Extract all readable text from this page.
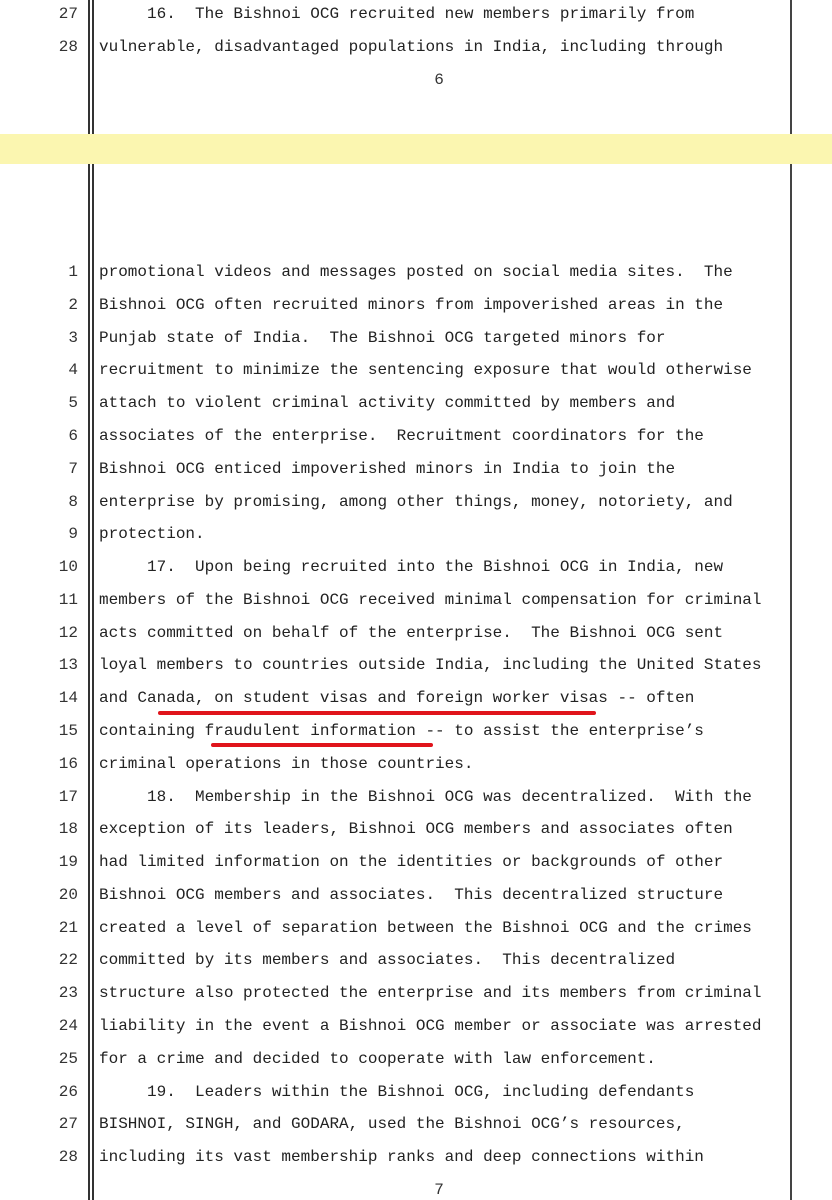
27 16.  The Bishnoi OCG recruited new members primarily from
28 vulnerable, disadvantaged populations in India, including through
6
1 promotional videos and messages posted on social media sites.  The
2 Bishnoi OCG often recruited minors from impoverished areas in the
3 Punjab state of India.  The Bishnoi OCG targeted minors for
4 recruitment to minimize the sentencing exposure that would otherwise
5 attach to violent criminal activity committed by members and
6 associates of the enterprise.  Recruitment coordinators for the
7 Bishnoi OCG enticed impoverished minors in India to join the
8 enterprise by promising, among other things, money, notoriety, and
9 protection.
10 17.  Upon being recruited into the Bishnoi OCG in India, new
11 members of the Bishnoi OCG received minimal compensation for criminal
12 acts committed on behalf of the enterprise.  The Bishnoi OCG sent
13 loyal members to countries outside India, including the United States
14 and Canada, on student visas and foreign worker visas -- often
15 containing fraudulent information -- to assist the enterprise’s
16 criminal operations in those countries.
17 18.  Membership in the Bishnoi OCG was decentralized.  With the
18 exception of its leaders, Bishnoi OCG members and associates often
19 had limited information on the identities or backgrounds of other
20 Bishnoi OCG members and associates.  This decentralized structure
21 created a level of separation between the Bishnoi OCG and the crimes
22 committed by its members and associates.  This decentralized
23 structure also protected the enterprise and its members from criminal
24 liability in the event a Bishnoi OCG member or associate was arrested
25 for a crime and decided to cooperate with law enforcement.
26 19.  Leaders within the Bishnoi OCG, including defendants
27 BISHNOI, SINGH, and GODARA, used the Bishnoi OCG’s resources,
28 including its vast membership ranks and deep connections within
7
